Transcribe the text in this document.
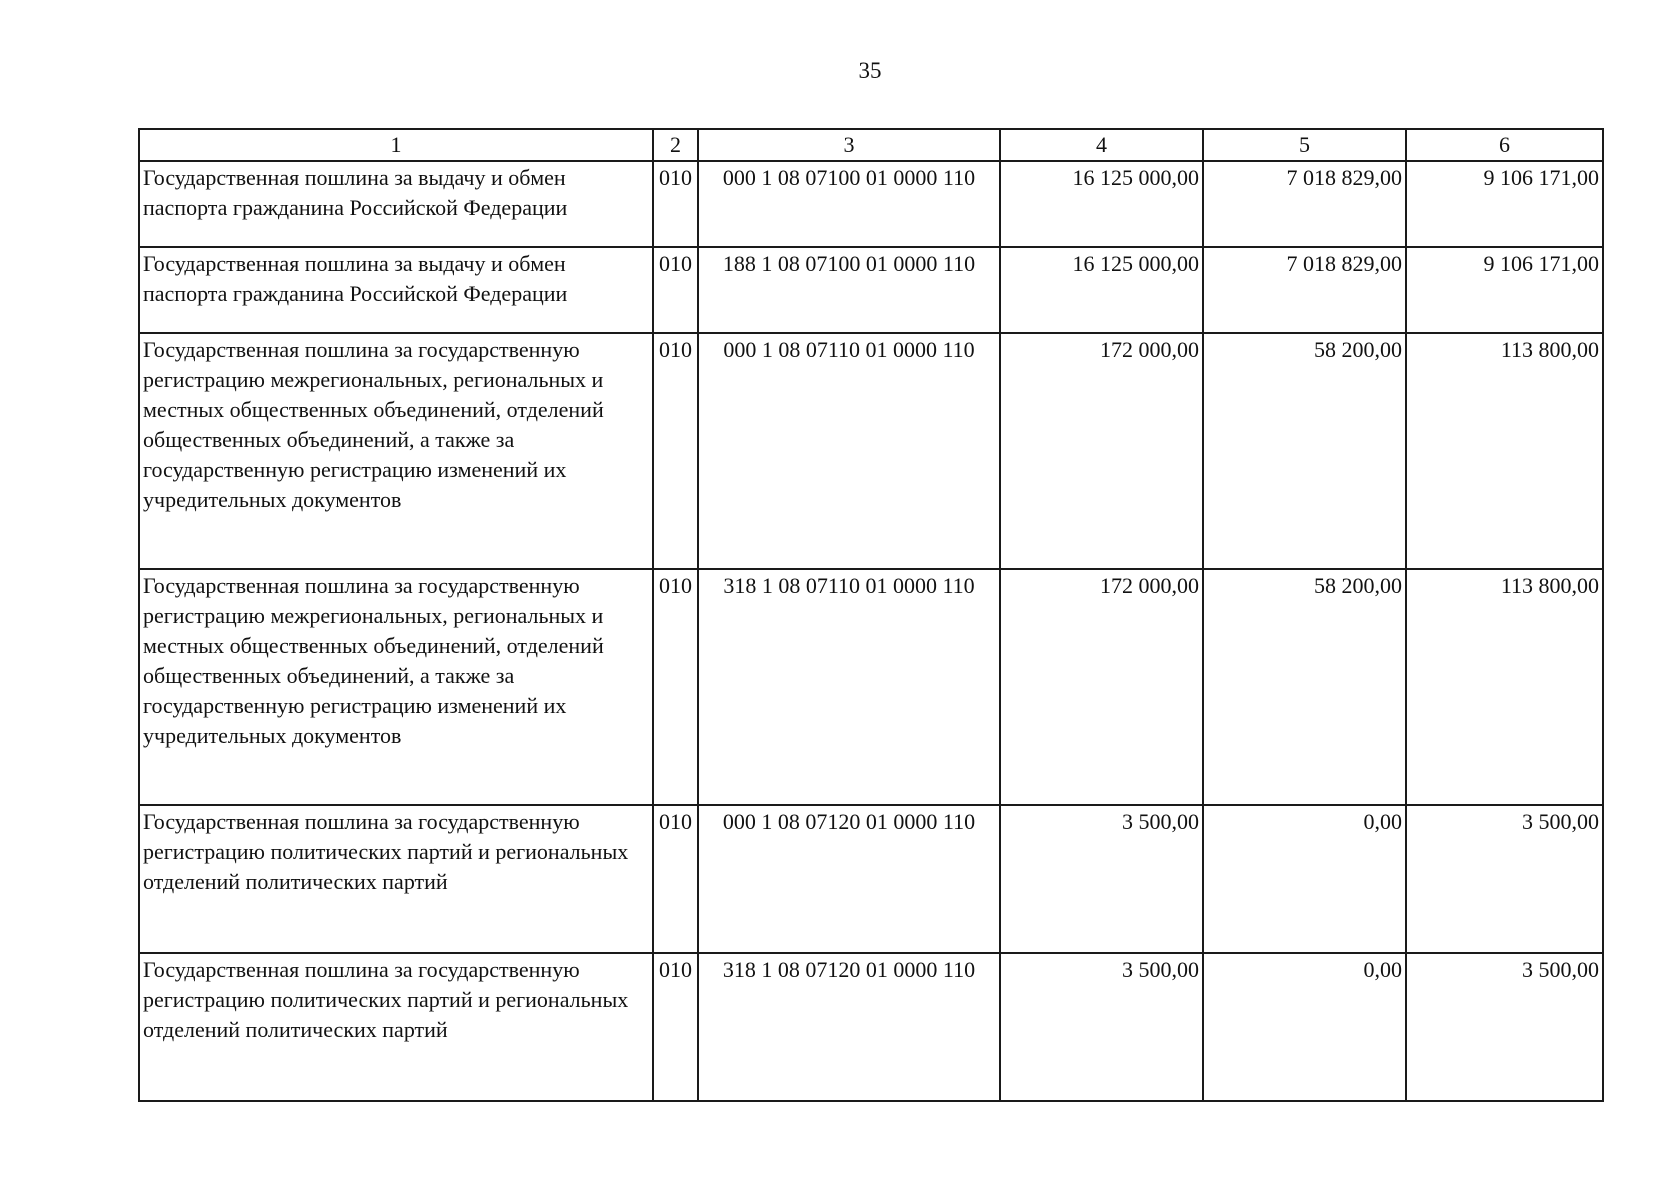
35
1	2	3	4	5	6
Государственная пошлина за выдачу и обмен паспорта гражданина Российской Федерации	010	000 1 08 07100 01 0000 110	16 125 000,00	7 018 829,00	9 106 171,00
Государственная пошлина за выдачу и обмен паспорта гражданина Российской Федерации	010	188 1 08 07100 01 0000 110	16 125 000,00	7 018 829,00	9 106 171,00
Государственная пошлина за государственную регистрацию межрегиональных, региональных и местных общественных объединений, отделений общественных объединений, а также за государственную регистрацию изменений их учредительных документов	010	000 1 08 07110 01 0000 110	172 000,00	58 200,00	113 800,00
Государственная пошлина за государственную регистрацию межрегиональных, региональных и местных общественных объединений, отделений общественных объединений, а также за государственную регистрацию изменений их учредительных документов	010	318 1 08 07110 01 0000 110	172 000,00	58 200,00	113 800,00
Государственная пошлина за государственную регистрацию политических партий и региональных отделений политических партий	010	000 1 08 07120 01 0000 110	3 500,00	0,00	3 500,00
Государственная пошлина за государственную регистрацию политических партий и региональных отделений политических партий	010	318 1 08 07120 01 0000 110	3 500,00	0,00	3 500,00
